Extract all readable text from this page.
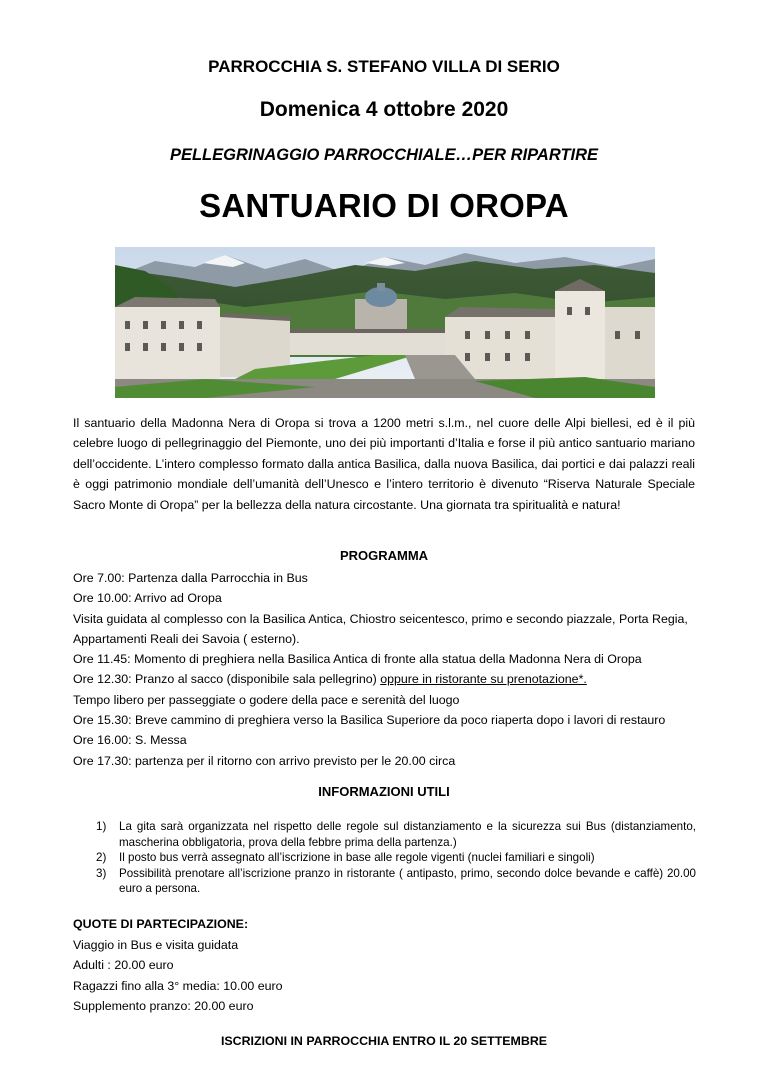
PARROCCHIA S. STEFANO VILLA DI SERIO
Domenica 4 ottobre 2020
PELLEGRINAGGIO PARROCCHIALE…PER RIPARTIRE
SANTUARIO DI OROPA
Il santuario della Madonna Nera di Oropa si trova a 1200 metri s.l.m., nel cuore delle Alpi biellesi, ed è il più celebre luogo di pellegrinaggio del Piemonte, uno dei più importanti d’Italia e forse il più antico santuario mariano dell’occidente. L’intero complesso formato dalla antica Basilica, dalla nuova Basilica, dai portici e dai palazzi reali è oggi patrimonio mondiale dell’umanità dell’Unesco e l’intero territorio è divenuto “Riserva Naturale Speciale Sacro Monte di Oropa” per la bellezza della natura circostante. Una giornata tra spiritualità e natura!
PROGRAMMA
Ore 7.00: Partenza dalla Parrocchia in Bus
Ore 10.00: Arrivo ad Oropa
Visita guidata al complesso con la Basilica Antica, Chiostro seicentesco, primo e secondo piazzale, Porta Regia,
Appartamenti Reali dei Savoia ( esterno).
Ore 11.45: Momento di preghiera nella Basilica Antica di fronte alla statua della Madonna Nera di Oropa
Ore 12.30: Pranzo al sacco (disponibile sala pellegrino) oppure in ristorante su prenotazione*.
Tempo libero per passeggiate o godere della pace e serenità del luogo
Ore 15.30: Breve cammino di preghiera verso la Basilica Superiore da poco riaperta dopo i lavori di restauro
Ore 16.00: S. Messa
Ore 17.30: partenza per il ritorno con arrivo previsto per le 20.00 circa
INFORMAZIONI UTILI
1) La gita sarà organizzata nel rispetto delle regole sul distanziamento e la sicurezza sui Bus (distanziamento, mascherina obbligatoria, prova della febbre prima della partenza.)
2) Il posto bus verrà assegnato all’iscrizione in base alle regole vigenti (nuclei familiari e singoli)
3) Possibilità prenotare all’iscrizione pranzo in ristorante ( antipasto, primo, secondo dolce bevande e caffè) 20.00 euro a persona.
QUOTE DI PARTECIPAZIONE:
Viaggio in Bus e visita guidata
Adulti : 20.00 euro
Ragazzi fino alla 3° media: 10.00 euro
Supplemento pranzo: 20.00 euro
ISCRIZIONI IN PARROCCHIA ENTRO IL 20 SETTEMBRE
